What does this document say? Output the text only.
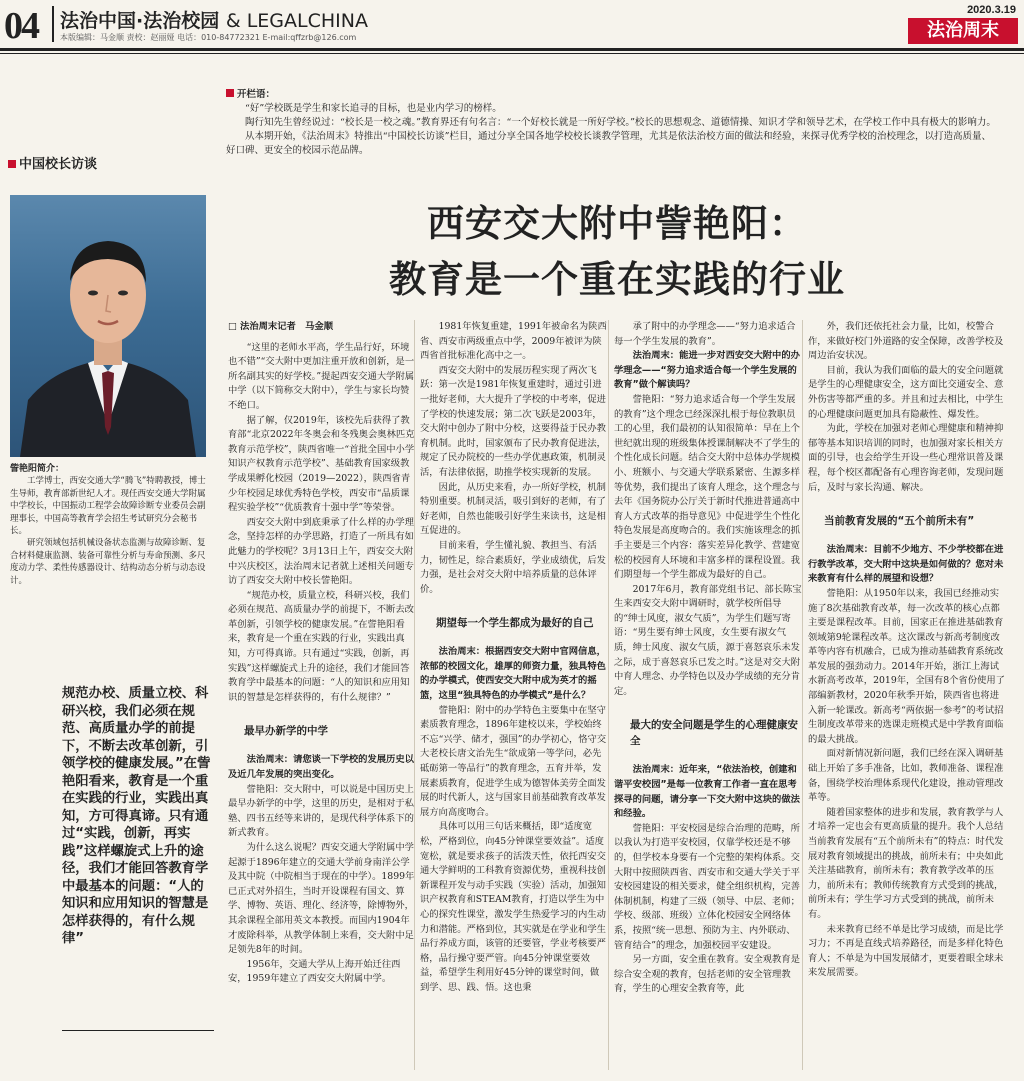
04 法治中国·法治校园 & LEGALCHINA
本版编辑：马金顺 责校：赵丽娅 电话：010-84772321 E-mail:qffzrb@126.com
2020.3.19
法治周末
开栏语：

“好”学校既是学生和家长追寻的目标，也是业内学习的榜样。

陶行知先生曾经说过：“校长是一校之魂。”教育界还有句名言：“一个好校长就是一所好学校。”校长的思想观念、道德情操、知识才学和领导艺术，在学校工作中具有极大的影响力。

从本期开始，《法治周末》特推出“中国校长访谈”栏目，通过分享全国各地学校校长谈教学管理，尤其是依法治校方面的做法和经验，来探寻优秀学校的治校理念，以打造高质量、好口碑、更安全的校园示范品牌。

中国校长访谈

訾艳阳简介：

工学博士，西安交通大学“腾飞”特聘教授，博士生导师，教育部新世纪人才。现任西安交通大学附属中学校长，中国振动工程学会故障诊断专业委员会副理事长，中国高等教育学会招生考试研究分会秘书长。

研究领域包括机械设备状态监测与故障诊断、复合材料健康监测、装备可靠性分析与寿命预测、多尺度动力学、柔性传感器设计、结构动态分析与动态设计。

规范办校、质量立校、科研兴校，我们必须在规范、高质量办学的前提下，不断去改革创新，引领学校的健康发展。”在訾艳阳看来，教育是一个重在实践的行业，实践出真知，方可得真谛。只有通过“实践，创新，再实践”这样螺旋式上升的途径，我们才能回答教育学中最基本的问题：“人的知识和应用知识的智慧是怎样获得的，有什么规律”
西安交大附中訾艳阳：
教育是一个重在实践的行业
□ 法治周末记者　马金顺

“这里的老师水平高，学生品行好，环境也不错”“交大附中更加注重开放和创新，是一所名副其实的好学校。”提起西安交通大学附属中学（以下简称交大附中），学生与家长均赞不绝口。

据了解，仅2019年，该校先后获得了教育部“北京2022年冬奥会和冬残奥会奥林匹克教育示范学校”，陕西省唯一“首批全国中小学知识产权教育示范学校”、基础教育国家级教学成果孵化校园（2019—2022），陕西省青少年校园足球优秀特色学校，西安市“品质课程实验学校”“优质教育十强中学”等荣誉。

西安交大附中到底秉承了什么样的办学理念，坚持怎样的办学思路，打造了一所具有如此魅力的学校呢？3月13日上午，西安交大附中兴庆校区，法治周末记者就上述相关问题专访了西安交大附中校长訾艳阳。

“规范办校，质量立校，科研兴校，我们必须在规范、高质量办学的前提下，不断去改革创新，引领学校的健康发展。”在訾艳阳看来，教育是一个重在实践的行业，实践出真知，方可得真谛。只有通过“实践，创新，再实践”这样螺旋式上升的途径，我们才能回答教育学中最基本的问题：“人的知识和应用知识的智慧是怎样获得的，有什么规律？”

最早办新学的中学

法治周末：请您谈一下学校的发展历史以及近几年发展的突出变化。

訾艳阳：交大附中，可以说是中国历史上最早办新学的中学，这里的历史，是相对于私塾、四书五经等来讲的，是现代科学体系下的新式教育。

为什么这么说呢？西安交通大学附属中学起源于1896年建立的交通大学前身南洋公学及其中院（中院相当于现在的中学）。1899年已正式对外招生，当时开设课程有国文、算学、博物、英语、理化、经济等，除博物外，其余课程全部用英文本教授。而国内1904年才废除科举，从教学体制上来看，交大附中足足领先8年的时间。

1956年，交通大学从上海开始迁往西安，1959年建立了西安交大附属中学。

1981年恢复重建，1991年被命名为陕西省、西安市两级重点中学，2009年被评为陕西省首批标准化高中之一。

西安交大附中的发展历程实现了两次飞跃：第一次是1981年恢复重建时，通过引进一批好老师，大大提升了学校的中考率，促进了学校的快速发展；第二次飞跃是2003年，交大附中创办了附中分校，这要得益于民办教育机制。此时，国家颁布了民办教育促进法，规定了民办院校的一些办学优惠政策，机制灵活，有法律依据，助推学校实现新的发展。

因此，从历史来看，办一所好学校，机制特别重要。机制灵活，吸引到好的老师，有了好老师，自然也能吸引好学生来读书，这是相互促进的。

目前来看，学生懂礼貌、教担当、有活力，韧性足，综合素质好，学业成绩优，后发力强，是社会对交大附中培养质量的总体评价。

期望每一个学生都成为最好的自己

法治周末：根据西安交大附中官网信息，浓郁的校园文化，雄厚的师资力量，独具特色的办学模式，使西安交大附中成为英才的摇篮，这里“独具特色的办学模式”是什么？

訾艳阳：附中的办学特色主要集中在坚守素质教育理念，1896年建校以来，学校始终不忘“兴学、储才，强国”的办学初心，恪守交大老校长唐文治先生“欲成第一等学问，必先砥砺第一等品行”的教育理念，五育并举，发展素质教育，促进学生成为德智体美劳全面发展的时代新人，这与国家目前基础教育改革发展方向高度吻合。

具体可以用三句话来概括，即“适度宽松，严格到位，向45分钟课堂要效益”。适度宽松，就是要求孩子的活泼天性，依托西安交通大学鲜明的工科教育资源优势，重视科技创新课程开发与动手实践（实验）活动，加强知识产权教育和STEAM教育，打造以学生为中心的探究性课堂，激发学生热爱学习的内生动力和潜能。严格到位，其实就是在学业和学生品行养成方面，该管的还要管，学业考核要严格，品行操守要严管。向45分钟课堂要效益，希望学生利用好45分钟的课堂时间，做到学、思、践、悟。这也秉

承了附中的办学理念——“努力追求适合每一个学生发展的教育”。

法治周末：能进一步对西安交大附中的办学理念——“努力追求适合每一个学生发展的教育”做个解读吗？

訾艳阳：“努力追求适合每一个学生发展的教育”这个理念已经深深扎根于每位教职员工的心里，我们最初的认知很简单：早在上个世纪就出现的班级集体授课制解决不了学生的个性化成长问题。结合交大附中总体办学规模小、班额小、与交通大学联系紧密、生源多样等优势，我们提出了该育人理念，这个理念与去年《国务院办公厅关于新时代推进普通高中育人方式改革的指导意见》中促进学生个性化特色发展是高度吻合的。我们实施该理念的抓手主要是三个内容：落实差异化教学、营建宽松的校园育人环境和丰富多样的课程设置。我们期望每一个学生都成为最好的自己。

2017年6月，教育部党组书记、部长陈宝生来西安交大附中调研时，就学校所倡导的“绅士风度，淑女气质”，为学生们题写寄语：“男生要有绅士风度，女生要有淑女气质，绅士风度、淑女气质，源于喜怒哀乐未发之际，成于喜怒哀乐已发之时。”这是对交大附中育人理念、办学特色以及办学成绩的充分肯定。

最大的安全问题是学生的心理健康安全

法治周末：近年来，“依法治校，创建和谐平安校园”是每一位教育工作者一直在思考探寻的问题，请分享一下交大附中这块的做法和经验。

訾艳阳：平安校园是综合治理的范畴，所以我认为打造平安校园，仅靠学校还是不够的，但学校本身要有一个完整的架构体系。交大附中按照陕西省、西安市和交通大学关于平安校园建设的相关要求，健全组织机构，完善体制机制，构建了三级（领导、中层、老师；学校、级部、班级）立体化校园安全网络体系，按照“统一思想、预防为主、内外联动、管育结合”的理念，加强校园平安建设。

另一方面，安全重在教育。安全观教育是综合安全观的教育，包括老师的安全管理教育，学生的心理安全教育等，此

外，我们还依托社会力量，比如，校警合作，来做好校门外道路的安全保障，改善学校及周边治安状况。

目前，我认为我们面临的最大的安全问题就是学生的心理健康安全，这方面比交通安全、意外伤害等都严重的多。并且和过去相比，中学生的心理健康问题更加具有隐蔽性、爆发性。

为此，学校在加强对老师心理健康和精神抑郁等基本知识培训的同时，也加强对家长相关方面的引导，也会给学生开设一些心理常识普及课程，每个校区都配备有心理咨询老师，发现问题后，及时与家长沟通、解决。

当前教育发展的“五个前所未有”

法治周末：目前不少地方、不少学校都在进行教学改革，交大附中这块是如何做的？您对未来教育有什么样的展望和设想？

訾艳阳：从1950年以来，我国已经推动实施了8次基础教育改革，每一次改革的核心点都主要是课程改革。目前，国家正在推进基础教育领域第9轮课程改革。这次课改与新高考制度改革等内容有机融合，已成为推动基础教育系统改革发展的强劲动力。2014年开始，浙江上海试水新高考改革，2019年，全国有8个省份使用了部编新教材，2020年秋季开始，陕西省也将进入新一轮课改。新高考“两依据一参考”的考试招生制度改革带来的选课走班模式是中学教育面临的最大挑战。

面对新情况新问题，我们已经在深入调研基础上开始了多手准备，比如，教师准备、课程准备，围绕学校治理体系现代化建设，推动管理改革等。

随着国家整体的进步和发展，教育教学与人才培养一定也会有更高质量的提升。我个人总结当前教育发展有“五个前所未有”的特点：时代发展对教育领域提出的挑战，前所未有；中央如此关注基础教育，前所未有；教育教学改革的压力，前所未有；教师传统教育方式受到的挑战，前所未有；学生学习方式受到的挑战，前所未有。

未来教育已经不单是比学习成绩，而是比学习力；不再是直线式培养路径，而是多样化特色育人；不单是为中国发展储才，更要着眼全球未来发展需要。
